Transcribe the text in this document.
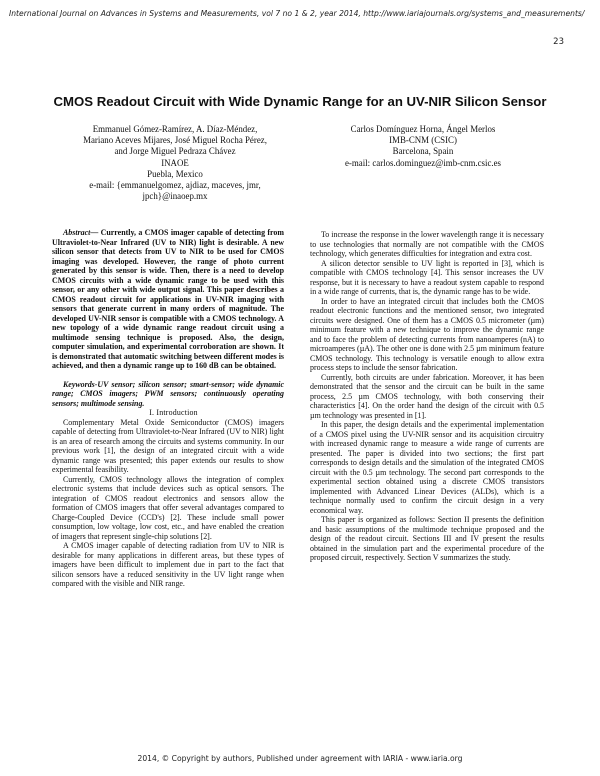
International Journal on Advances in Systems and Measurements, vol 7 no 1 & 2, year 2014, http://www.iariajournals.org/systems_and_measurements/
23
CMOS Readout Circuit with Wide Dynamic Range for an UV-NIR Silicon Sensor
Emmanuel Gómez-Ramírez, A. Díaz-Méndez,
Mariano Aceves Mijares, José Miguel Rocha Pérez,
and Jorge Miguel Pedraza Chávez
INAOE
Puebla, Mexico
e-mail: {emmanuelgomez, ajdiaz, maceves, jmr,
jpch}@inaoep.mx
Carlos Domínguez Horna, Ángel Merlos
IMB-CNM (CSIC)
Barcelona, Spain
e-mail: carlos.dominguez@imb-cnm.csic.es

Abstract— Currently, a CMOS imager capable of detecting from Ultraviolet-to-Near Infrared (UV to NIR) light is desirable. A new silicon sensor that detects from UV to NIR to be used for CMOS imaging was developed. However, the range of photo current generated by this sensor is wide. Then, there is a need to develop CMOS circuits with a wide dynamic range to be used with this sensor, or any other with wide output signal. This paper describes a CMOS readout circuit for applications in UV-NIR imaging with sensors that generate current in many orders of magnitude. The developed UV-NIR sensor is compatible with a CMOS technology. A new topology of a wide dynamic range readout circuit using a multimode sensing technique is proposed. Also, the design, computer simulation, and experimental corroboration are shown. It is demonstrated that automatic switching between different modes is achieved, and then a dynamic range up to 160 dB can be obtained.

Keywords-UV sensor; silicon sensor; smart-sensor; wide dynamic range; CMOS imagers; PWM sensors; continuously operating sensors; multimode sensing.

I. Introduction

Complementary Metal Oxide Semiconductor (CMOS) imagers capable of detecting from Ultraviolet-to-Near Infrared (UV to NIR) light is an area of research among the circuits and systems community. In our previous work [1], the design of an integrated circuit with a wide dynamic range was presented; this paper extends our results to show experimental feasibility.

Currently, CMOS technology allows the integration of complex electronic systems that include devices such as optical sensors. The integration of CMOS readout electronics and sensors allow the formation of CMOS imagers that offer several advantages compared to Charge-Coupled Device (CCD's) [2]. These include small power consumption, low voltage, low cost, etc., and have enabled the creation of imagers that represent single-chip solutions [2].

A CMOS imager capable of detecting radiation from UV to NIR is desirable for many applications in different areas, but these types of imagers have been difficult to implement due in part to the fact that silicon sensors have a reduced sensitivity in the UV light range when compared with the visible and NIR range.

To increase the response in the lower wavelength range it is necessary to use technologies that normally are not compatible with the CMOS technology, which generates difficulties for integration and extra cost.

A silicon detector sensible to UV light is reported in [3], which is compatible with CMOS technology [4]. This sensor increases the UV response, but it is necessary to have a readout system capable to respond in a wide range of currents, that is, the dynamic range has to be wide.

In order to have an integrated circuit that includes both the CMOS readout electronic functions and the mentioned sensor, two integrated circuits were designed. One of them has a CMOS 0.5 micrometer (µm) minimum feature with a new technique to improve the dynamic range and to face the problem of detecting currents from nanoamperes (nA) to microamperes (µA). The other one is done with 2.5 µm minimum feature CMOS technology. This technology is versatile enough to allow extra process steps to include the sensor fabrication.

Currently, both circuits are under fabrication. Moreover, it has been demonstrated that the sensor and the circuit can be built in the same process, 2.5 µm CMOS technology, with both conserving their characteristics [4]. On the order hand the design of the circuit with 0.5 µm technology was presented in [1].

In this paper, the design details and the experimental implementation of a CMOS pixel using the UV-NIR sensor and its acquisition circuitry with increased dynamic range to measure a wide range of currents are presented. The paper is divided into two sections; the first part corresponds to design details and the simulation of the integrated CMOS circuit with the 0.5 µm technology. The second part corresponds to the experimental section obtained using a discrete CMOS transistors implemented with Advanced Linear Devices (ALDs), which is a technique normally used to confirm the circuit design in a very economical way.

This paper is organized as follows: Section II presents the definition and basic assumptions of the multimode technique proposed and the design of the readout circuit. Sections III and IV present the results obtained in the simulation part and the experimental procedure of the proposed circuit, respectively. Section V summarizes the study.

2014, © Copyright by authors, Published under agreement with IARIA - www.iaria.org
